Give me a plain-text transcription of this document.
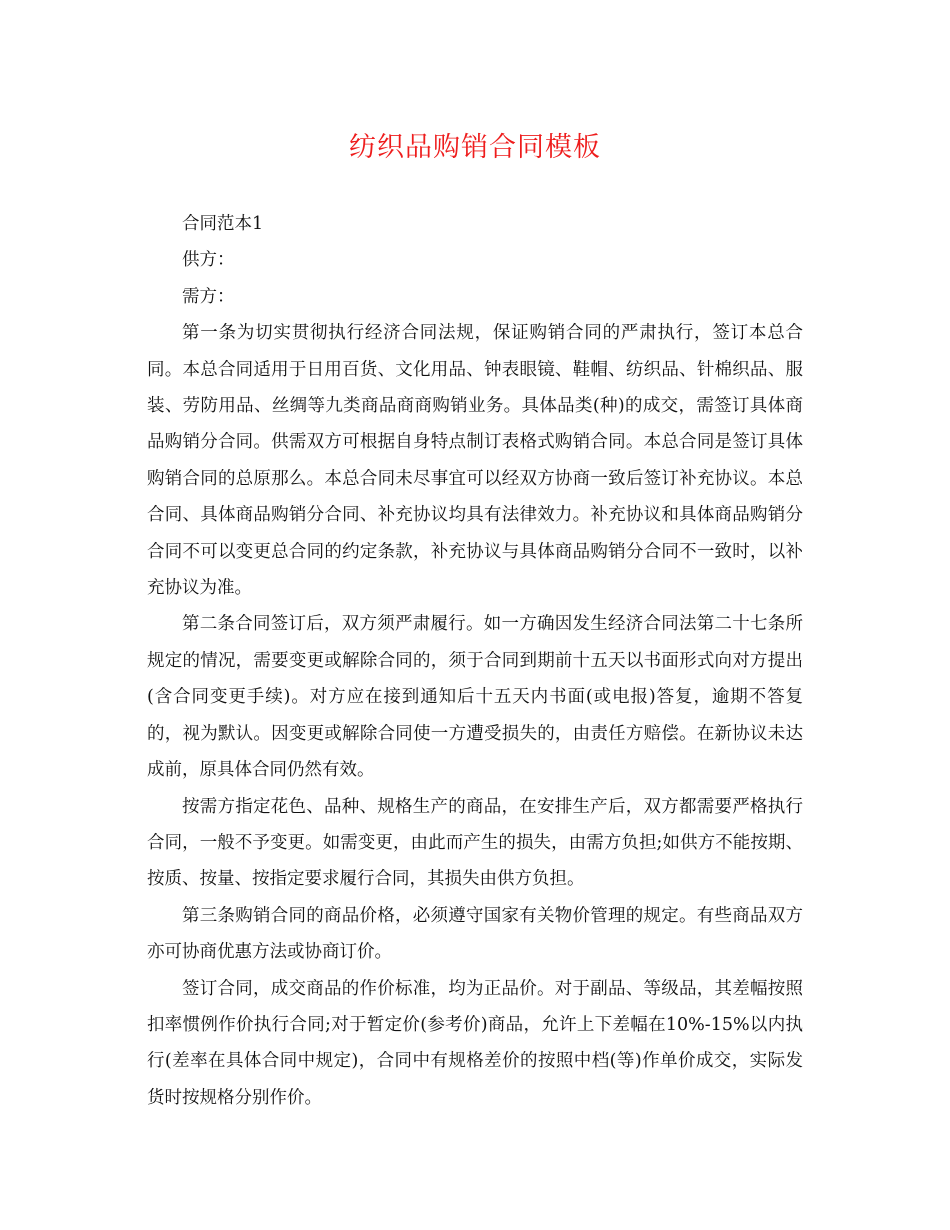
纺织品购销合同模板

合同范本1

供方：

需方：

第一条为切实贯彻执行经济合同法规，保证购销合同的严肃执行，签订本总合同。本总合同适用于日用百货、文化用品、钟表眼镜、鞋帽、纺织品、针棉织品、服装、劳防用品、丝绸等九类商品商商购销业务。具体品类(种)的成交，需签订具体商品购销分合同。供需双方可根据自身特点制订表格式购销合同。本总合同是签订具体购销合同的总原那么。本总合同未尽事宜可以经双方协商一致后签订补充协议。本总合同、具体商品购销分合同、补充协议均具有法律效力。补充协议和具体商品购销分合同不可以变更总合同的约定条款，补充协议与具体商品购销分合同不一致时，以补充协议为准。

第二条合同签订后，双方须严肃履行。如一方确因发生经济合同法第二十七条所规定的情况，需要变更或解除合同的，须于合同到期前十五天以书面形式向对方提出(含合同变更手续)。对方应在接到通知后十五天内书面(或电报)答复，逾期不答复的，视为默认。因变更或解除合同使一方遭受损失的，由责任方赔偿。在新协议未达成前，原具体合同仍然有效。

按需方指定花色、品种、规格生产的商品，在安排生产后，双方都需要严格执行合同，一般不予变更。如需变更，由此而产生的损失，由需方负担;如供方不能按期、按质、按量、按指定要求履行合同，其损失由供方负担。

第三条购销合同的商品价格，必须遵守国家有关物价管理的规定。有些商品双方亦可协商优惠方法或协商订价。

签订合同，成交商品的作价标准，均为正品价。对于副品、等级品，其差幅按照扣率惯例作价执行合同;对于暂定价(参考价)商品，允许上下差幅在10%-15%以内执行(差率在具体合同中规定)，合同中有规格差价的按照中档(等)作单价成交，实际发货时按规格分别作价。
